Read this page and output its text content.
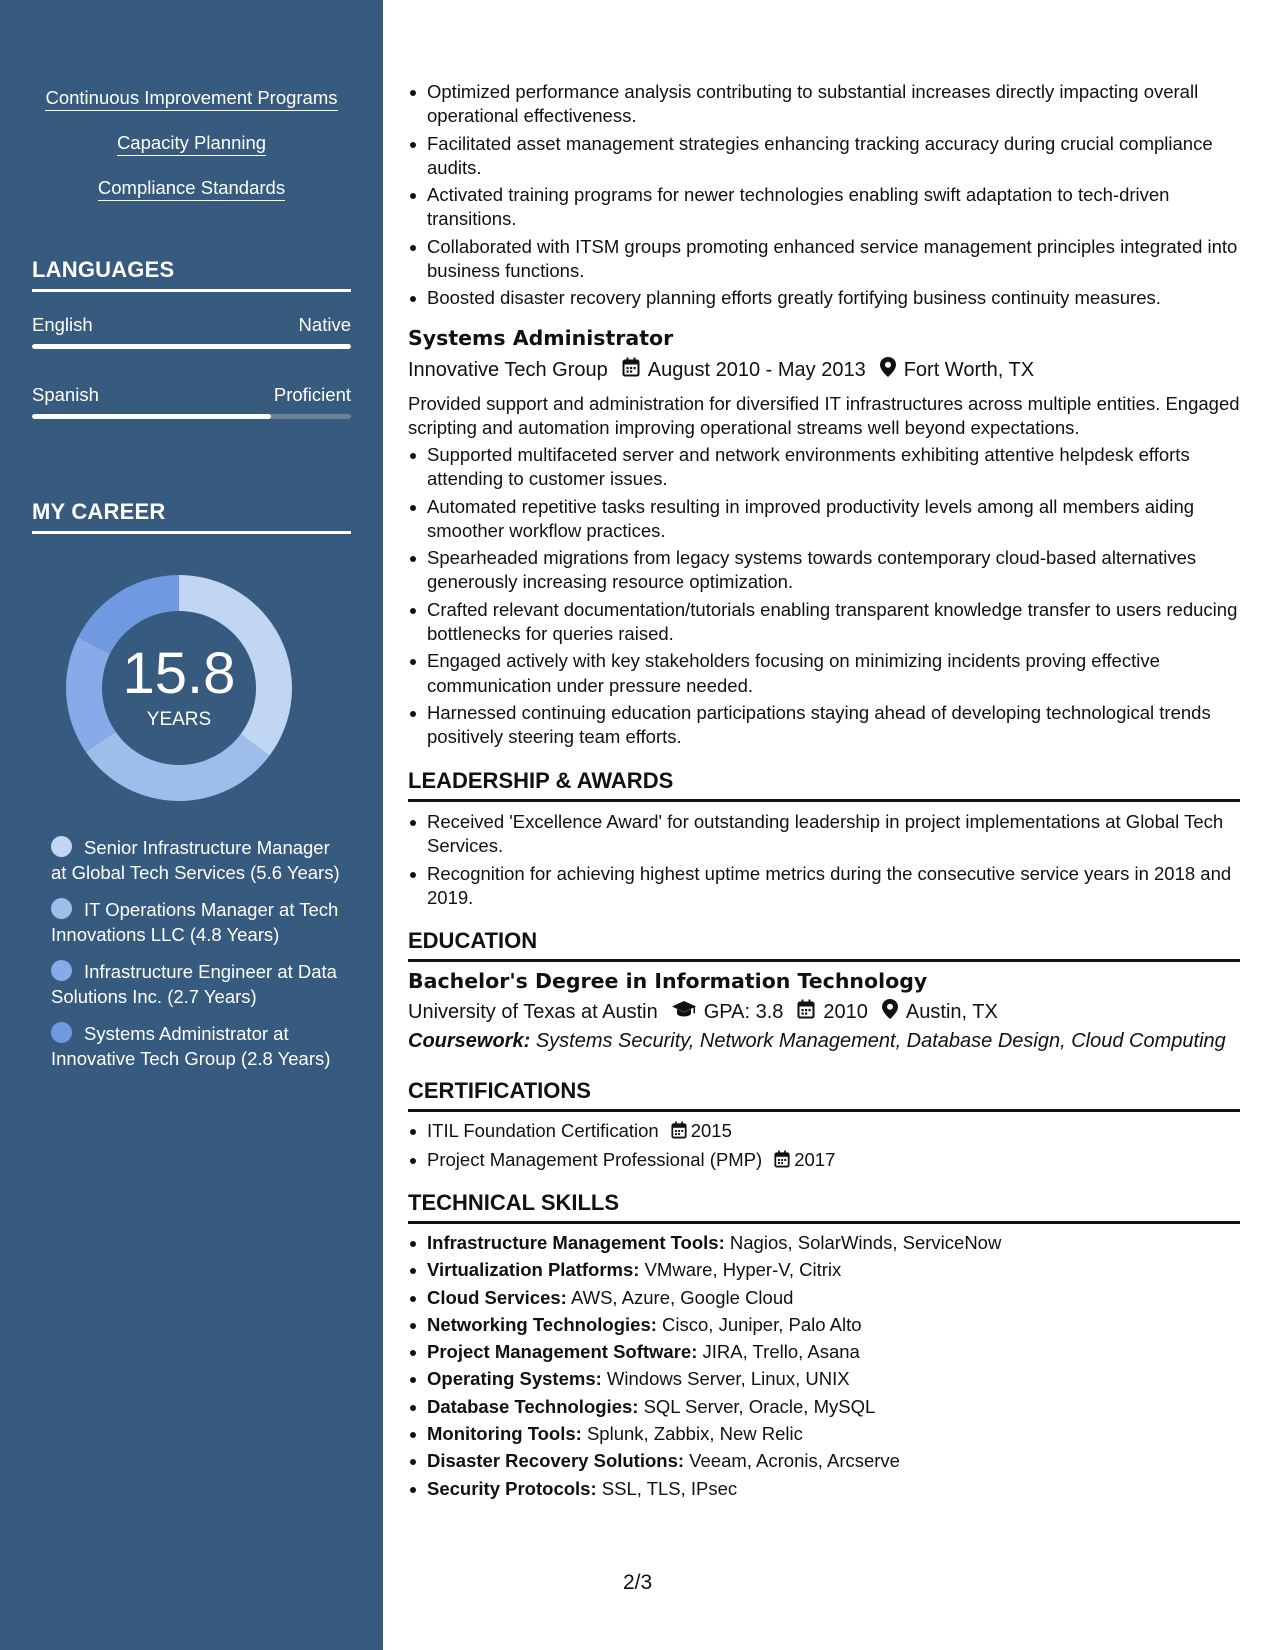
Continuous Improvement Programs
Capacity Planning
Compliance Standards
LANGUAGES
English	Native
Spanish	Proficient
MY CAREER
15.8
YEARS
Senior Infrastructure Manager at Global Tech Services (5.6 Years)
IT Operations Manager at Tech Innovations LLC (4.8 Years)
Infrastructure Engineer at Data Solutions Inc. (2.7 Years)
Systems Administrator at Innovative Tech Group (2.8 Years)
Optimized performance analysis contributing to substantial increases directly impacting overall operational effectiveness.
Facilitated asset management strategies enhancing tracking accuracy during crucial compliance audits.
Activated training programs for newer technologies enabling swift adaptation to tech-driven transitions.
Collaborated with ITSM groups promoting enhanced service management principles integrated into business functions.
Boosted disaster recovery planning efforts greatly fortifying business continuity measures.
Systems Administrator
Innovative Tech Group August 2010 - May 2013 Fort Worth, TX
Provided support and administration for diversified IT infrastructures across multiple entities. Engaged scripting and automation improving operational streams well beyond expectations.
Supported multifaceted server and network environments exhibiting attentive helpdesk efforts attending to customer issues.
Automated repetitive tasks resulting in improved productivity levels among all members aiding smoother workflow practices.
Spearheaded migrations from legacy systems towards contemporary cloud-based alternatives generously increasing resource optimization.
Crafted relevant documentation/tutorials enabling transparent knowledge transfer to users reducing bottlenecks for queries raised.
Engaged actively with key stakeholders focusing on minimizing incidents proving effective communication under pressure needed.
Harnessed continuing education participations staying ahead of developing technological trends positively steering team efforts.
LEADERSHIP & AWARDS
Received 'Excellence Award' for outstanding leadership in project implementations at Global Tech Services.
Recognition for achieving highest uptime metrics during the consecutive service years in 2018 and 2019.
EDUCATION
Bachelor's Degree in Information Technology
University of Texas at Austin GPA: 3.8 2010 Austin, TX
Coursework: Systems Security, Network Management, Database Design, Cloud Computing
CERTIFICATIONS
ITIL Foundation Certification 2015
Project Management Professional (PMP) 2017
TECHNICAL SKILLS
Infrastructure Management Tools: Nagios, SolarWinds, ServiceNow
Virtualization Platforms: VMware, Hyper-V, Citrix
Cloud Services: AWS, Azure, Google Cloud
Networking Technologies: Cisco, Juniper, Palo Alto
Project Management Software: JIRA, Trello, Asana
Operating Systems: Windows Server, Linux, UNIX
Database Technologies: SQL Server, Oracle, MySQL
Monitoring Tools: Splunk, Zabbix, New Relic
Disaster Recovery Solutions: Veeam, Acronis, Arcserve
Security Protocols: SSL, TLS, IPsec
2/3
